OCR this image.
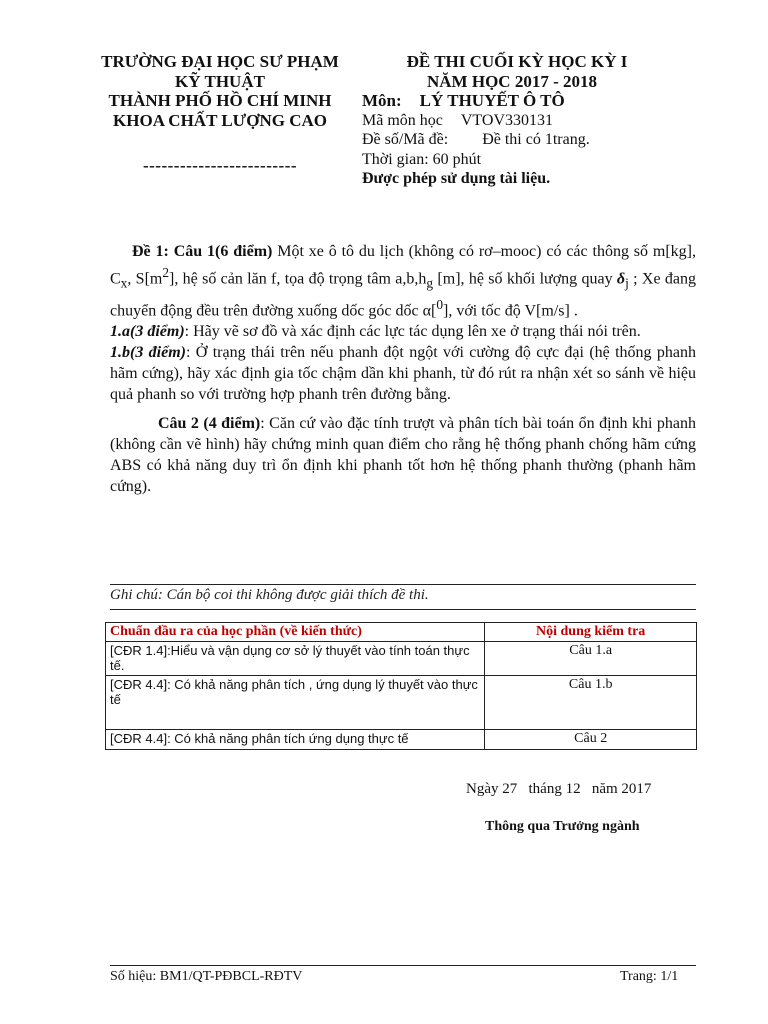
TRƯỜNG ĐẠI HỌC SƯ PHẠM
KỸ THUẬT
THÀNH PHỐ HỒ CHÍ MINH
KHOA CHẤT LƯỢNG CAO
-------------------------
ĐỀ THI CUỐI KỲ HỌC KỲ I
NĂM HỌC 2017 - 2018
Môn: LÝ THUYẾT Ô TÔ
Mã môn học VTOV330131
Đề số/Mã đề: Đề thi có 1trang.
Thời gian: 60 phút
Được phép sử dụng tài liệu.

Đề 1: Câu 1(6 điểm) Một xe ô tô du lịch (không có rơ–mooc) có các thông số m[kg], $C_x$, $S[m^2]$, hệ số cản lăn f, tọa độ trọng tâm $a,b,h_g$ [m], hệ số khối lượng quay $\delta_j$ ; Xe đang chuyển động đều trên đường xuống dốc góc dốc α[$^0$], với tốc độ V[m/s] .

1.a(3 điểm): Hãy vẽ sơ đồ và xác định các lực tác dụng lên xe ở trạng thái nói trên.

1.b(3 điểm): Ở trạng thái trên nếu phanh đột ngột với cường độ cực đại (hệ thống phanh hãm cứng), hãy xác định gia tốc chậm dần khi phanh, từ đó rút ra nhận xét so sánh về hiệu quả phanh so với trường hợp phanh trên đường bằng.

Câu 2 (4 điểm): Căn cứ vào đặc tính trượt và phân tích bài toán ổn định khi phanh (không cần vẽ hình) hãy chứng minh quan điểm cho rằng hệ thống phanh chống hãm cứng ABS có khả năng duy trì ổn định khi phanh tốt hơn hệ thống phanh thường (phanh hãm cứng).

Ghi chú: Cán bộ coi thi không được giải thích đề thi.
Chuẩn đầu ra của học phần (về kiến thức)	Nội dung kiểm tra
[CĐR 1.4]:Hiểu và vận dụng cơ sở lý thuyết vào tính toán thực tế.	Câu 1.a
[CĐR 4.4]: Có khả năng phân tích , ứng dụng lý thuyết vào thực tế	Câu 1.b
[CĐR 4.4]: Có khả năng phân tích ứng dụng thực tế	Câu 2
Ngày 27   tháng 12   năm 2017
Thông qua Trưởng ngành
Số hiệu: BM1/QT-PĐBCL-RĐTV	Trang: 1/1
